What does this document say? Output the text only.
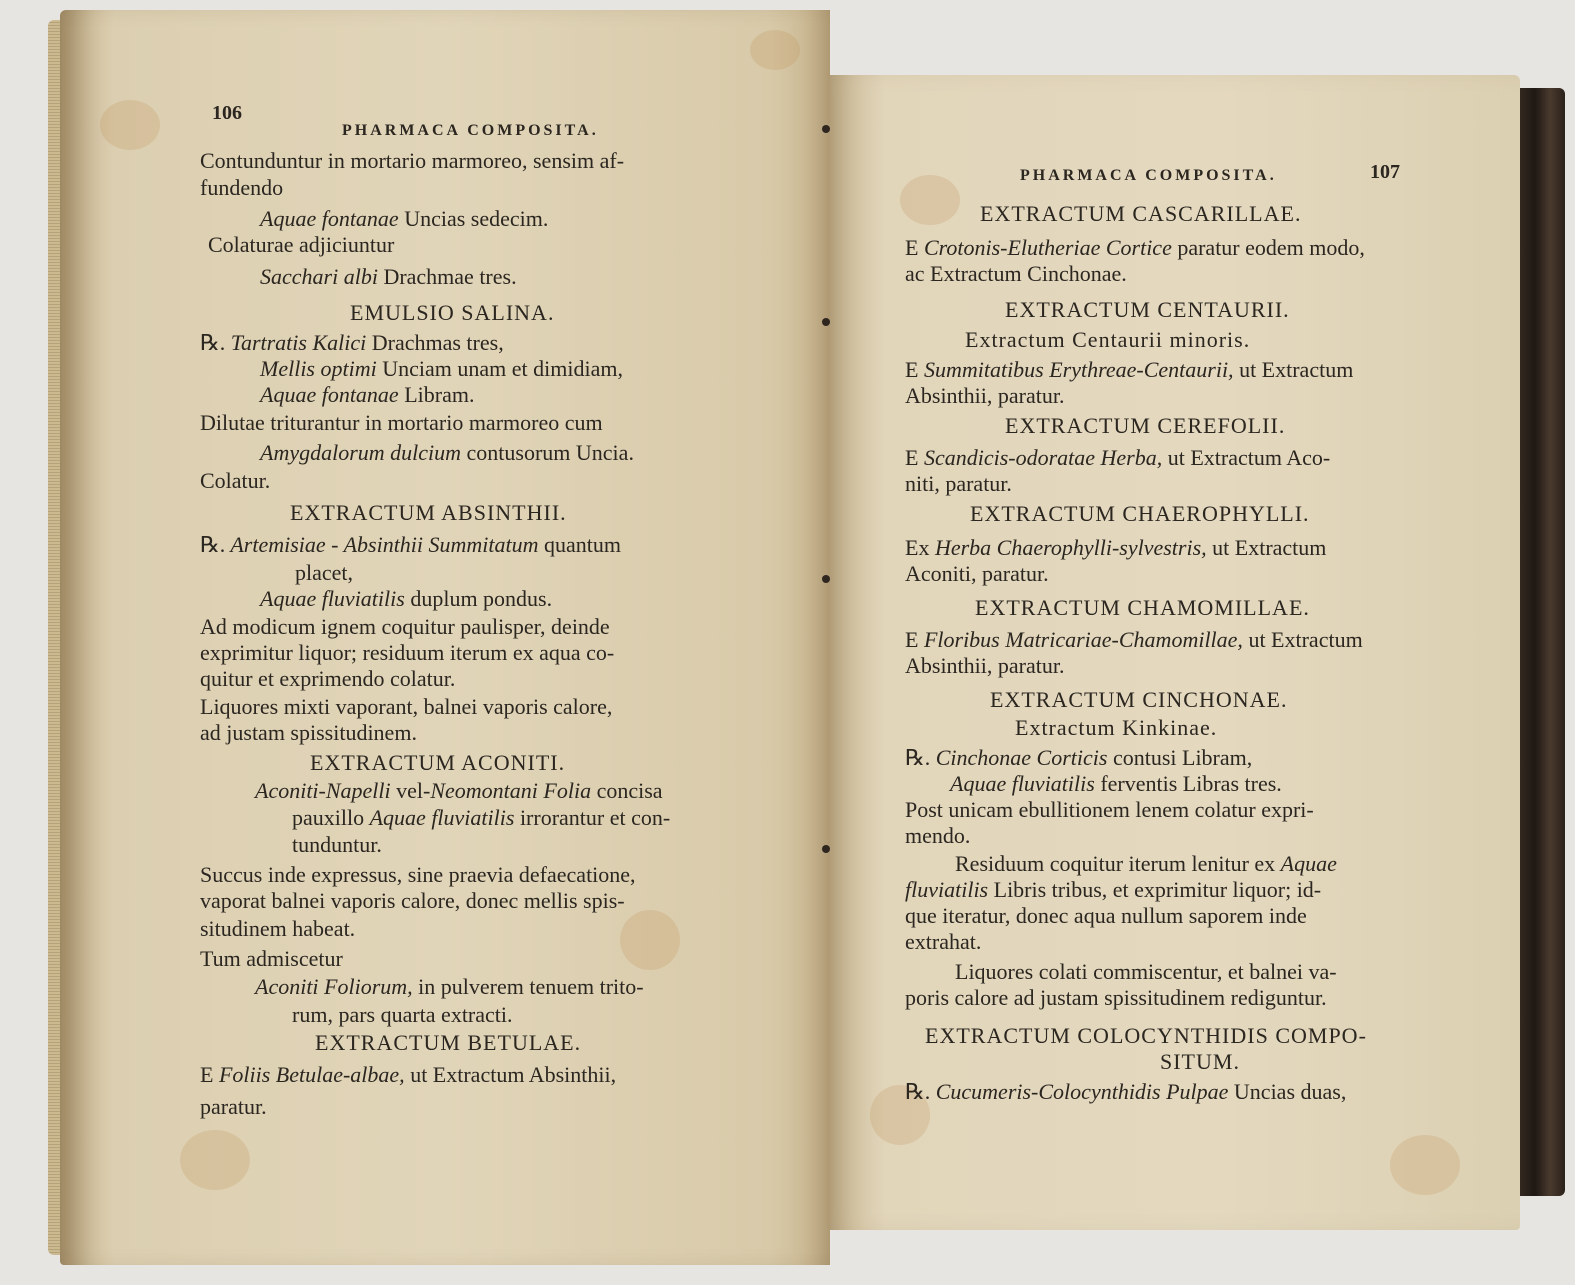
106
PHARMACA COMPOSITA.
Contunduntur in mortario marmoreo, sensim af-
fundendo
Aquae fontanae Uncias sedecim.
Colaturae adjiciuntur
Sacchari albi Drachmae tres.
EMULSIO SALINA.
℞. Tartratis Kalici Drachmas tres,
Mellis optimi Unciam unam et dimidiam,
Aquae fontanae Libram.
Dilutae triturantur in mortario marmoreo cum
Amygdalorum dulcium contusorum Uncia.
Colatur.
EXTRACTUM ABSINTHII.
℞. Artemisiae - Absinthii Summitatum quantum
placet,
Aquae fluviatilis duplum pondus.
Ad modicum ignem coquitur paulisper, deinde
exprimitur liquor; residuum iterum ex aqua co-
quitur et exprimendo colatur.
Liquores mixti vaporant, balnei vaporis calore,
ad justam spissitudinem.
EXTRACTUM ACONITI.
Aconiti-Napelli vel-Neomontani Folia concisa
pauxillo Aquae fluviatilis irrorantur et con-
tunduntur.
Succus inde expressus, sine praevia defaecatione,
vaporat balnei vaporis calore, donec mellis spis-
situdinem habeat.
Tum admiscetur
Aconiti Foliorum, in pulverem tenuem trito-
rum, pars quarta extracti.
EXTRACTUM BETULAE.
E Foliis Betulae-albae, ut Extractum Absinthii,
paratur.
PHARMACA COMPOSITA.	107
EXTRACTUM CASCARILLAE.
E Crotonis-Elutheriae Cortice paratur eodem modo,
ac Extractum Cinchonae.
EXTRACTUM CENTAURII.
Extractum Centaurii minoris.
E Summitatibus Erythreae-Centaurii, ut Extractum
Absinthii, paratur.
EXTRACTUM CEREFOLII.
E Scandicis-odoratae Herba, ut Extractum Aco-
niti, paratur.
EXTRACTUM CHAEROPHYLLI.
Ex Herba Chaerophylli-sylvestris, ut Extractum
Aconiti, paratur.
EXTRACTUM CHAMOMILLAE.
E Floribus Matricariae-Chamomillae, ut Extractum
Absinthii, paratur.
EXTRACTUM CINCHONAE.
Extractum Kinkinae.
℞. Cinchonae Corticis contusi Libram,
Aquae fluviatilis ferventis Libras tres.
Post unicam ebullitionem lenem colatur expri-
mendo.
Residuum coquitur iterum lenitur ex Aquae
fluviatilis Libris tribus, et exprimitur liquor; id-
que iteratur, donec aqua nullum saporem inde
extrahat.
Liquores colati commiscentur, et balnei va-
poris calore ad justam spissitudinem rediguntur.
EXTRACTUM COLOCYNTHIDIS COMPO-
SITUM.
℞. Cucumeris-Colocynthidis Pulpae Uncias duas,
